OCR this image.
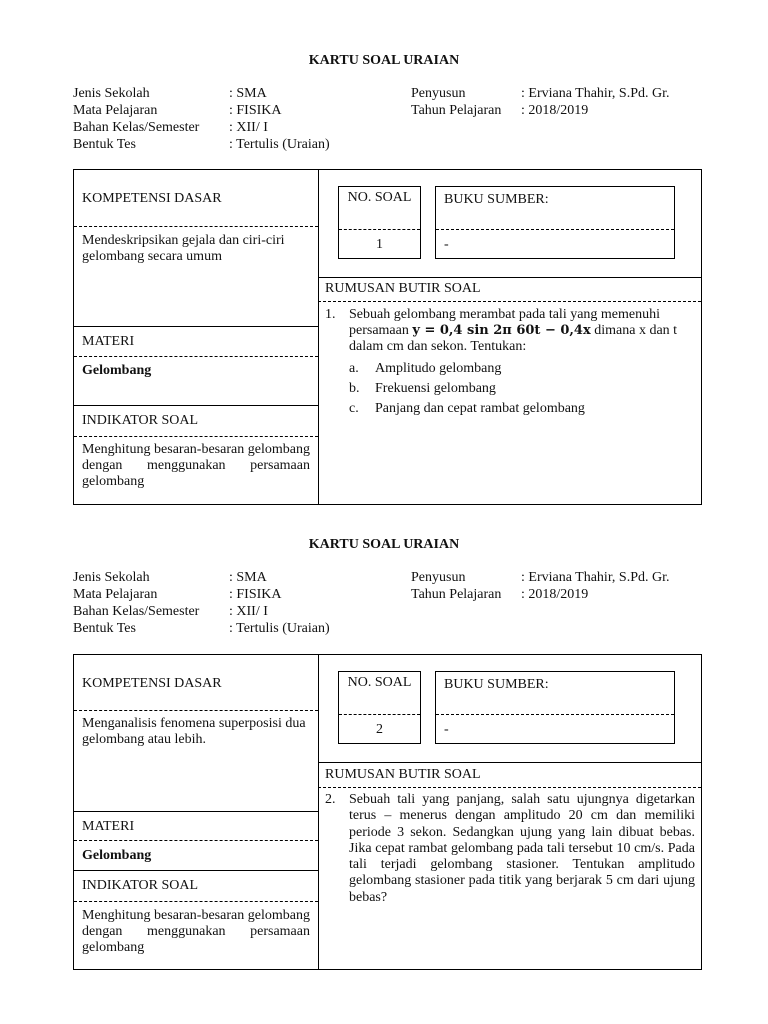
KARTU SOAL URAIAN
Jenis Sekolah	: SMA
Mata Pelajaran	: FISIKA
Bahan Kelas/Semester	: XII/ I
Bentuk Tes	: Tertulis (Uraian)
Penyusun	: Erviana Thahir, S.Pd. Gr.
Tahun Pelajaran	: 2018/2019
KOMPETENSI DASAR
Mendeskripsikan gejala dan ciri-ciri gelombang secara umum
MATERI
Gelombang
INDIKATOR SOAL
Menghitung besaran-besaran gelombang dengan menggunakan persamaan gelombang
NO. SOAL
1
BUKU SUMBER:
-
RUMUSAN BUTIR SOAL
1. Sebuah gelombang merambat pada tali yang memenuhi
persamaan y = 0,4 sin 2π 60t − 0,4x dimana x dan t dalam cm dan sekon. Tentukan:
a.	Amplitudo gelombang
b.	Frekuensi gelombang
c.	Panjang dan cepat rambat gelombang
KARTU SOAL URAIAN
Jenis Sekolah	: SMA
Mata Pelajaran	: FISIKA
Bahan Kelas/Semester	: XII/ I
Bentuk Tes	: Tertulis (Uraian)
Penyusun	: Erviana Thahir, S.Pd. Gr.
Tahun Pelajaran	: 2018/2019
KOMPETENSI DASAR
Menganalisis fenomena superposisi dua gelombang atau lebih.
MATERI
Gelombang
INDIKATOR SOAL
Menghitung besaran-besaran gelombang dengan menggunakan persamaan gelombang
NO. SOAL
2
BUKU SUMBER:
-
RUMUSAN BUTIR SOAL
2. Sebuah tali yang panjang, salah satu ujungnya digetarkan terus – menerus dengan amplitudo 20 cm dan memiliki periode 3 sekon. Sedangkan ujung yang lain dibuat bebas. Jika cepat rambat gelombang pada tali tersebut 10 cm/s. Pada tali terjadi gelombang stasioner. Tentukan amplitudo gelombang stasioner pada titik yang berjarak 5 cm dari ujung bebas?
